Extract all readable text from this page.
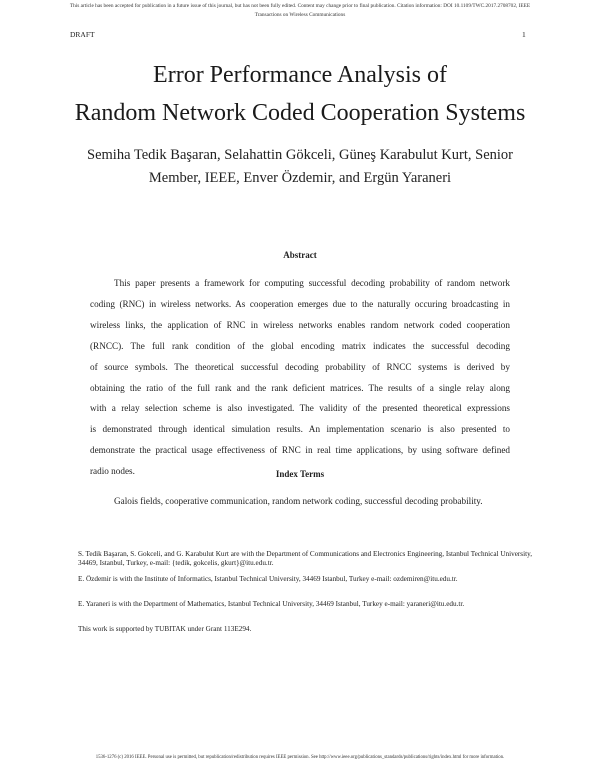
This article has been accepted for publication in a future issue of this journal, but has not been fully edited. Content may change prior to final publication. Citation information: DOI 10.1109/TWC.2017.2708702, IEEE
Transactions on Wireless Communications
DRAFT	1
Error Performance Analysis of
Random Network Coded Cooperation Systems
Semiha Tedik Başaran, Selahattin Gökceli, Güneş Karabulut Kurt, Senior
Member, IEEE, Enver Özdemir, and Ergün Yaraneri
Abstract
This paper presents a framework for computing successful decoding probability of random network
coding (RNC) in wireless networks. As cooperation emerges due to the naturally occuring broadcasting in
wireless links, the application of RNC in wireless networks enables random network coded cooperation
(RNCC). The full rank condition of the global encoding matrix indicates the successful decoding
of source symbols. The theoretical successful decoding probability of RNCC systems is derived by
obtaining the ratio of the full rank and the rank deficient matrices. The results of a single relay along
with a relay selection scheme is also investigated. The validity of the presented theoretical expressions
is demonstrated through identical simulation results. An implementation scenario is also presented to
demonstrate the practical usage effectiveness of RNC in real time applications, by using software defined
radio nodes.	Index Terms
Galois fields, cooperative communication, random network coding, successful decoding probability.
S. Tedik Başaran, S. Gokceli, and G. Karabulut Kurt are with the Department of Communications and Electronics Engineering, Istanbul Technical University, 34469, Istanbul, Turkey, e-mail: {tedik, gokcelis, gkurt}@itu.edu.tr.
E. Özdemir is with the Institute of Informatics, Istanbul Technical University, 34469 Istanbul, Turkey e-mail: ozdemiren@itu.edu.tr.
E. Yaraneri is with the Department of Mathematics, Istanbul Technical University, 34469 Istanbul, Turkey e-mail: yaraneri@itu.edu.tr.
This work is supported by TUBITAK under Grant 113E294.
1536-1276 (c) 2016 IEEE. Personal use is permitted, but republication/redistribution requires IEEE permission. See http://www.ieee.org/publications_standards/publications/rights/index.html for more information.
